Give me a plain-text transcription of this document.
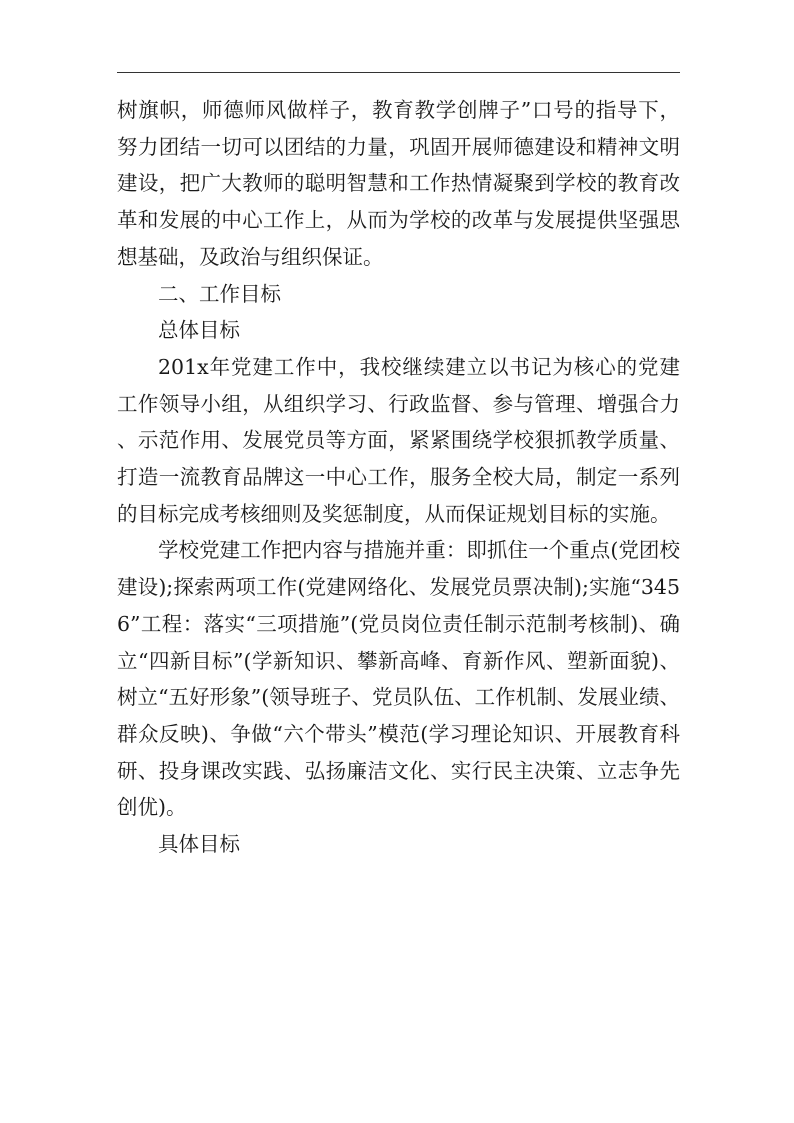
树旗帜，师德师风做样子，教育教学创牌子”口号的指导下，努力团结一切可以团结的力量，巩固开展师德建设和精神文明建设，把广大教师的聪明智慧和工作热情凝聚到学校的教育改革和发展的中心工作上，从而为学校的改革与发展提供坚强思想基础，及政治与组织保证。

二、工作目标

总体目标

201x年党建工作中，我校继续建立以书记为核心的党建工作领导小组，从组织学习、行政监督、参与管理、增强合力、示范作用、发展党员等方面，紧紧围绕学校狠抓教学质量、打造一流教育品牌这一中心工作，服务全校大局，制定一系列的目标完成考核细则及奖惩制度，从而保证规划目标的实施。

学校党建工作把内容与措施并重：即抓住一个重点(党团校建设);探索两项工作(党建网络化、发展党员票决制);实施“3456”工程：落实“三项措施”(党员岗位责任制示范制考核制)、确立“四新目标”(学新知识、攀新高峰、育新作风、塑新面貌)、树立“五好形象”(领导班子、党员队伍、工作机制、发展业绩、群众反映)、争做“六个带头”模范(学习理论知识、开展教育科研、投身课改实践、弘扬廉洁文化、实行民主决策、立志争先创优)。

具体目标
